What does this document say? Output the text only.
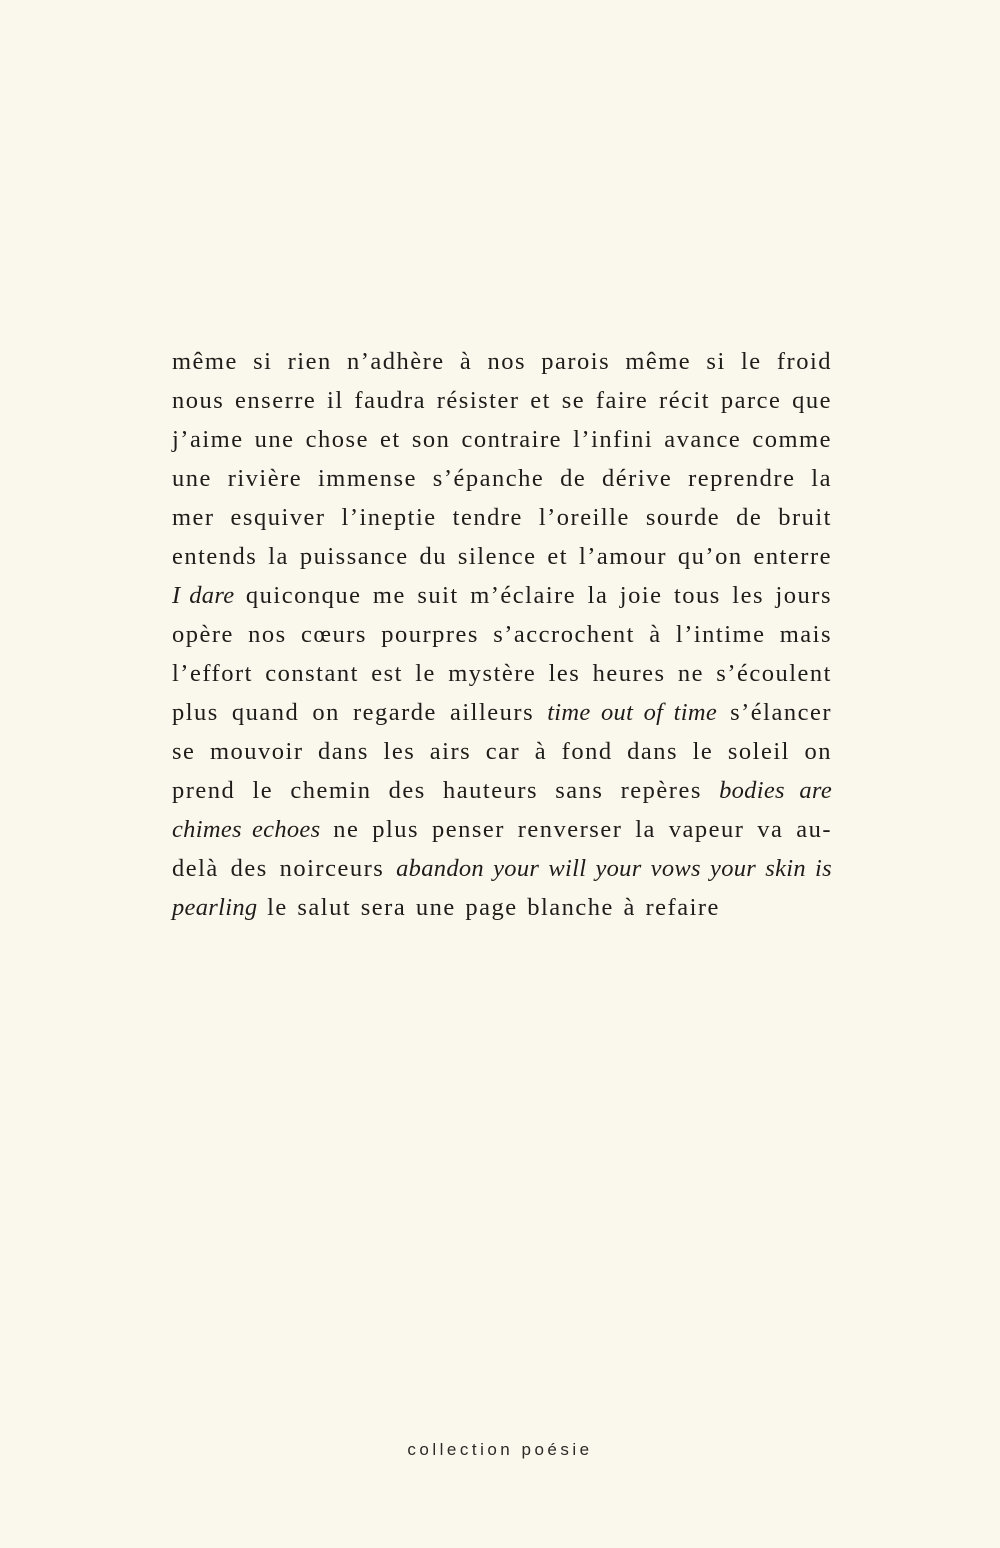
même si rien n’adhère à nos parois même si le froid nous enserre il faudra résister et se faire récit parce que j’aime une chose et son contraire l’infini avance comme une rivière immense s’épanche de dérive reprendre la mer esquiver l’ineptie tendre l’oreille sourde de bruit entends la puissance du silence et l’amour qu’on enterre I dare quiconque me suit m’éclaire la joie tous les jours opère nos cœurs pourpres s’accrochent à l’intime mais l’effort constant est le mystère les heures ne s’écoulent plus quand on regarde ailleurs time out of time s’élancer se mouvoir dans les airs car à fond dans le soleil on prend le chemin des hauteurs sans repères bodies are chimes echoes ne plus penser renverser la vapeur va au-delà des noirceurs abandon your will your vows your skin is pearling le salut sera une page blanche à refaire

collection poésie
